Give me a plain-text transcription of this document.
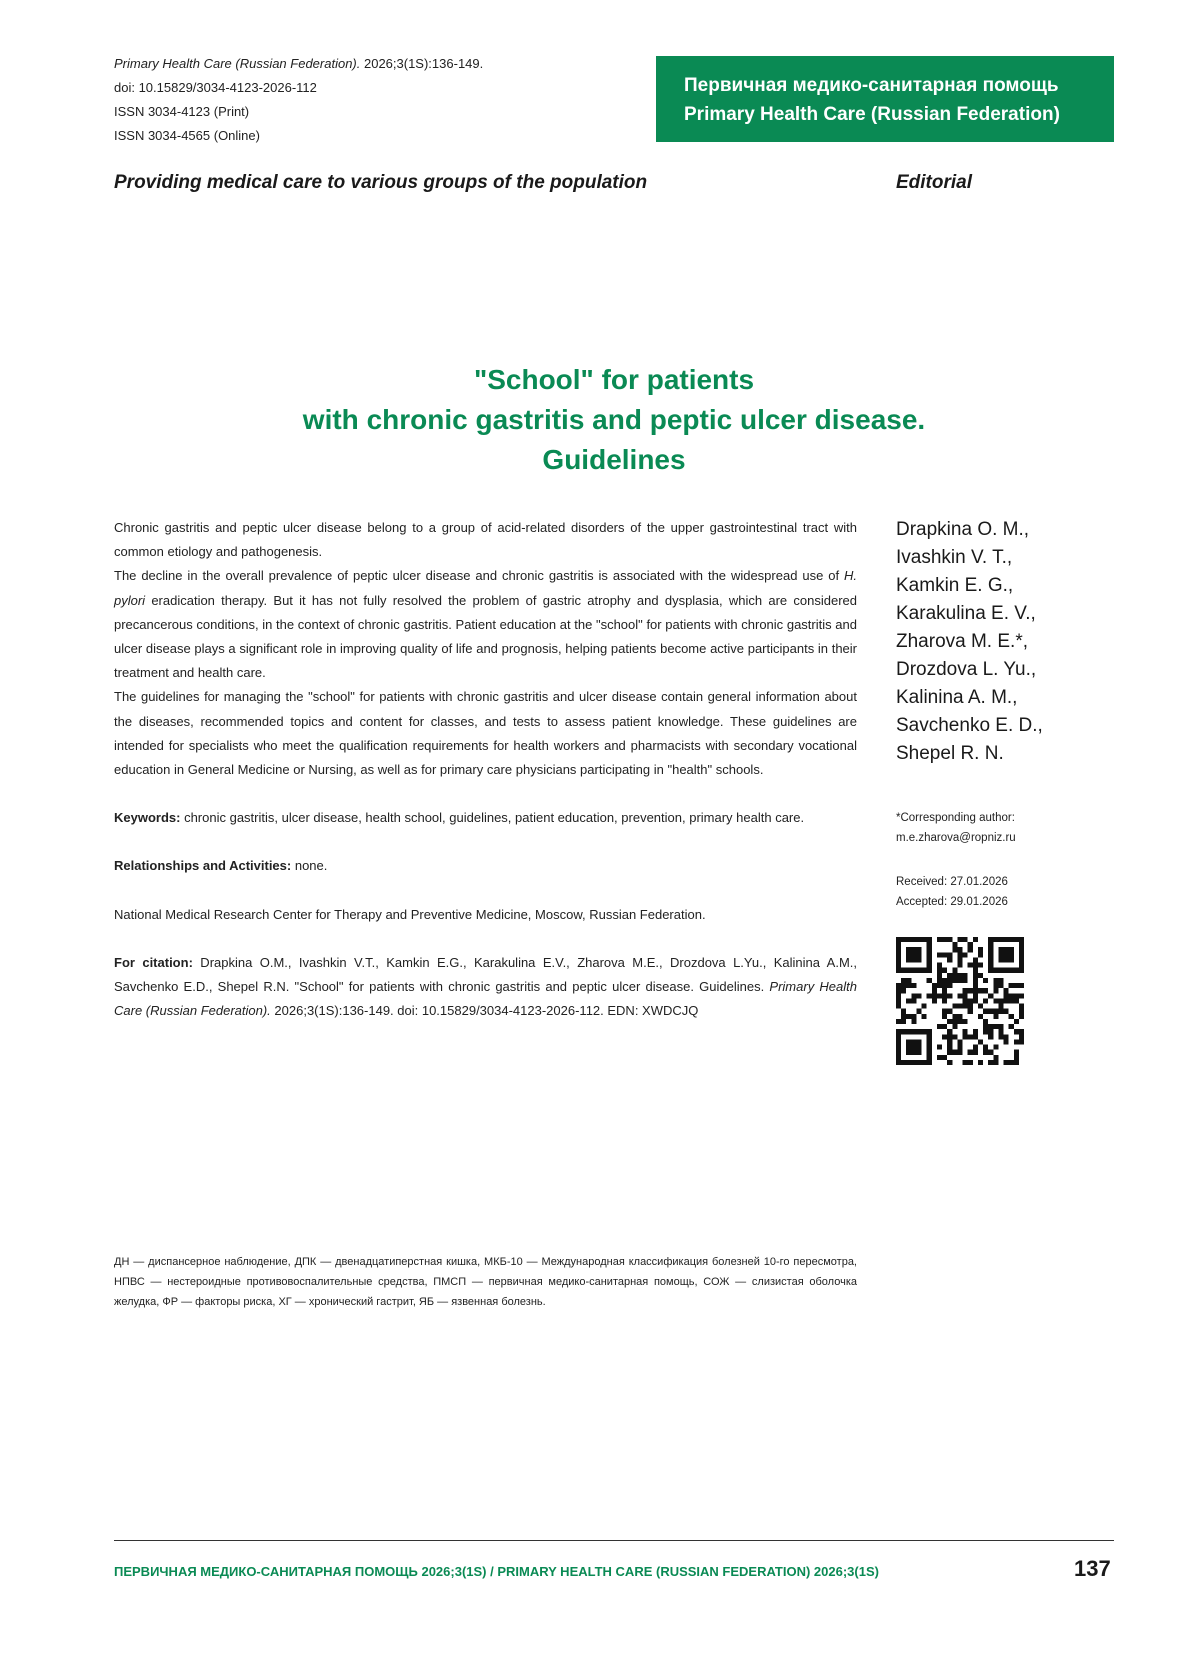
Primary Health Care (Russian Federation). 2026;3(1S):136-149.
doi: 10.15829/3034-4123-2026-112
ISSN 3034-4123 (Print)
ISSN 3034-4565 (Online)
Первичная медико-санитарная помощь
Primary Health Care (Russian Federation)
Providing medical care to various groups of the population	Editorial
"School" for patients
with chronic gastritis and peptic ulcer disease.
Guidelines

Chronic gastritis and peptic ulcer disease belong to a group of acid-related disorders of the upper gastrointestinal tract with common etiology and pathogenesis.

The decline in the overall prevalence of peptic ulcer disease and chronic gastritis is associated with the widespread use of H. pylori eradication therapy. But it has not fully resolved the problem of gastric atrophy and dysplasia, which are considered precancerous conditions, in the context of chronic gastritis. Patient education at the "school" for patients with chronic gastritis and ulcer disease plays a significant role in improving quality of life and prognosis, helping patients become active participants in their treatment and health care.

The guidelines for managing the "school" for patients with chronic gastritis and ulcer disease contain general information about the diseases, recommended topics and content for classes, and tests to assess patient knowledge. These guidelines are intended for specialists who meet the qualification requirements for health workers and pharmacists with secondary vocational education in General Medicine or Nursing, as well as for primary care physicians participating in "health" schools.

Keywords: chronic gastritis, ulcer disease, health school, guidelines, patient education, prevention, primary health care.

Relationships and Activities: none.

National Medical Research Center for Therapy and Preventive Medicine, Moscow, Russian Federation.

For citation: Drapkina O.M., Ivashkin V.T., Kamkin E.G., Karakulina E.V., Zharova M.E., Drozdova L.Yu., Kalinina A.M., Savchenko E.D., Shepel R.N. "School" for patients with chronic gastritis and peptic ulcer disease. Guidelines. Primary Health Care (Russian Federation). 2026;3(1S):136-149. doi: 10.15829/3034-4123-2026-112. EDN: XWDCJQ

Drapkina O. M.,
Ivashkin V. T.,
Kamkin E. G.,
Karakulina E. V.,
Zharova M. E.*,
Drozdova L. Yu.,
Kalinina A. M.,
Savchenko E. D.,
Shepel R. N.
*Corresponding author:
m.e.zharova@ropniz.ru
Received: 27.01.2026
Accepted: 29.01.2026
ДН — диспансерное наблюдение, ДПК — двенадцатиперстная кишка, МКБ-10 — Международная классификация болезней 10-го пересмотра, НПВС — нестероидные противовоспалительные средства, ПМСП — первичная медико-санитарная помощь, СОЖ — слизистая оболочка желудка, ФР — факторы риска, ХГ — хронический гастрит, ЯБ — язвенная болезнь.
ПЕРВИЧНАЯ МЕДИКО-САНИТАРНАЯ ПОМОЩЬ 2026;3(1S) / PRIMARY HEALTH CARE (RUSSIAN FEDERATION) 2026;3(1S)	137
